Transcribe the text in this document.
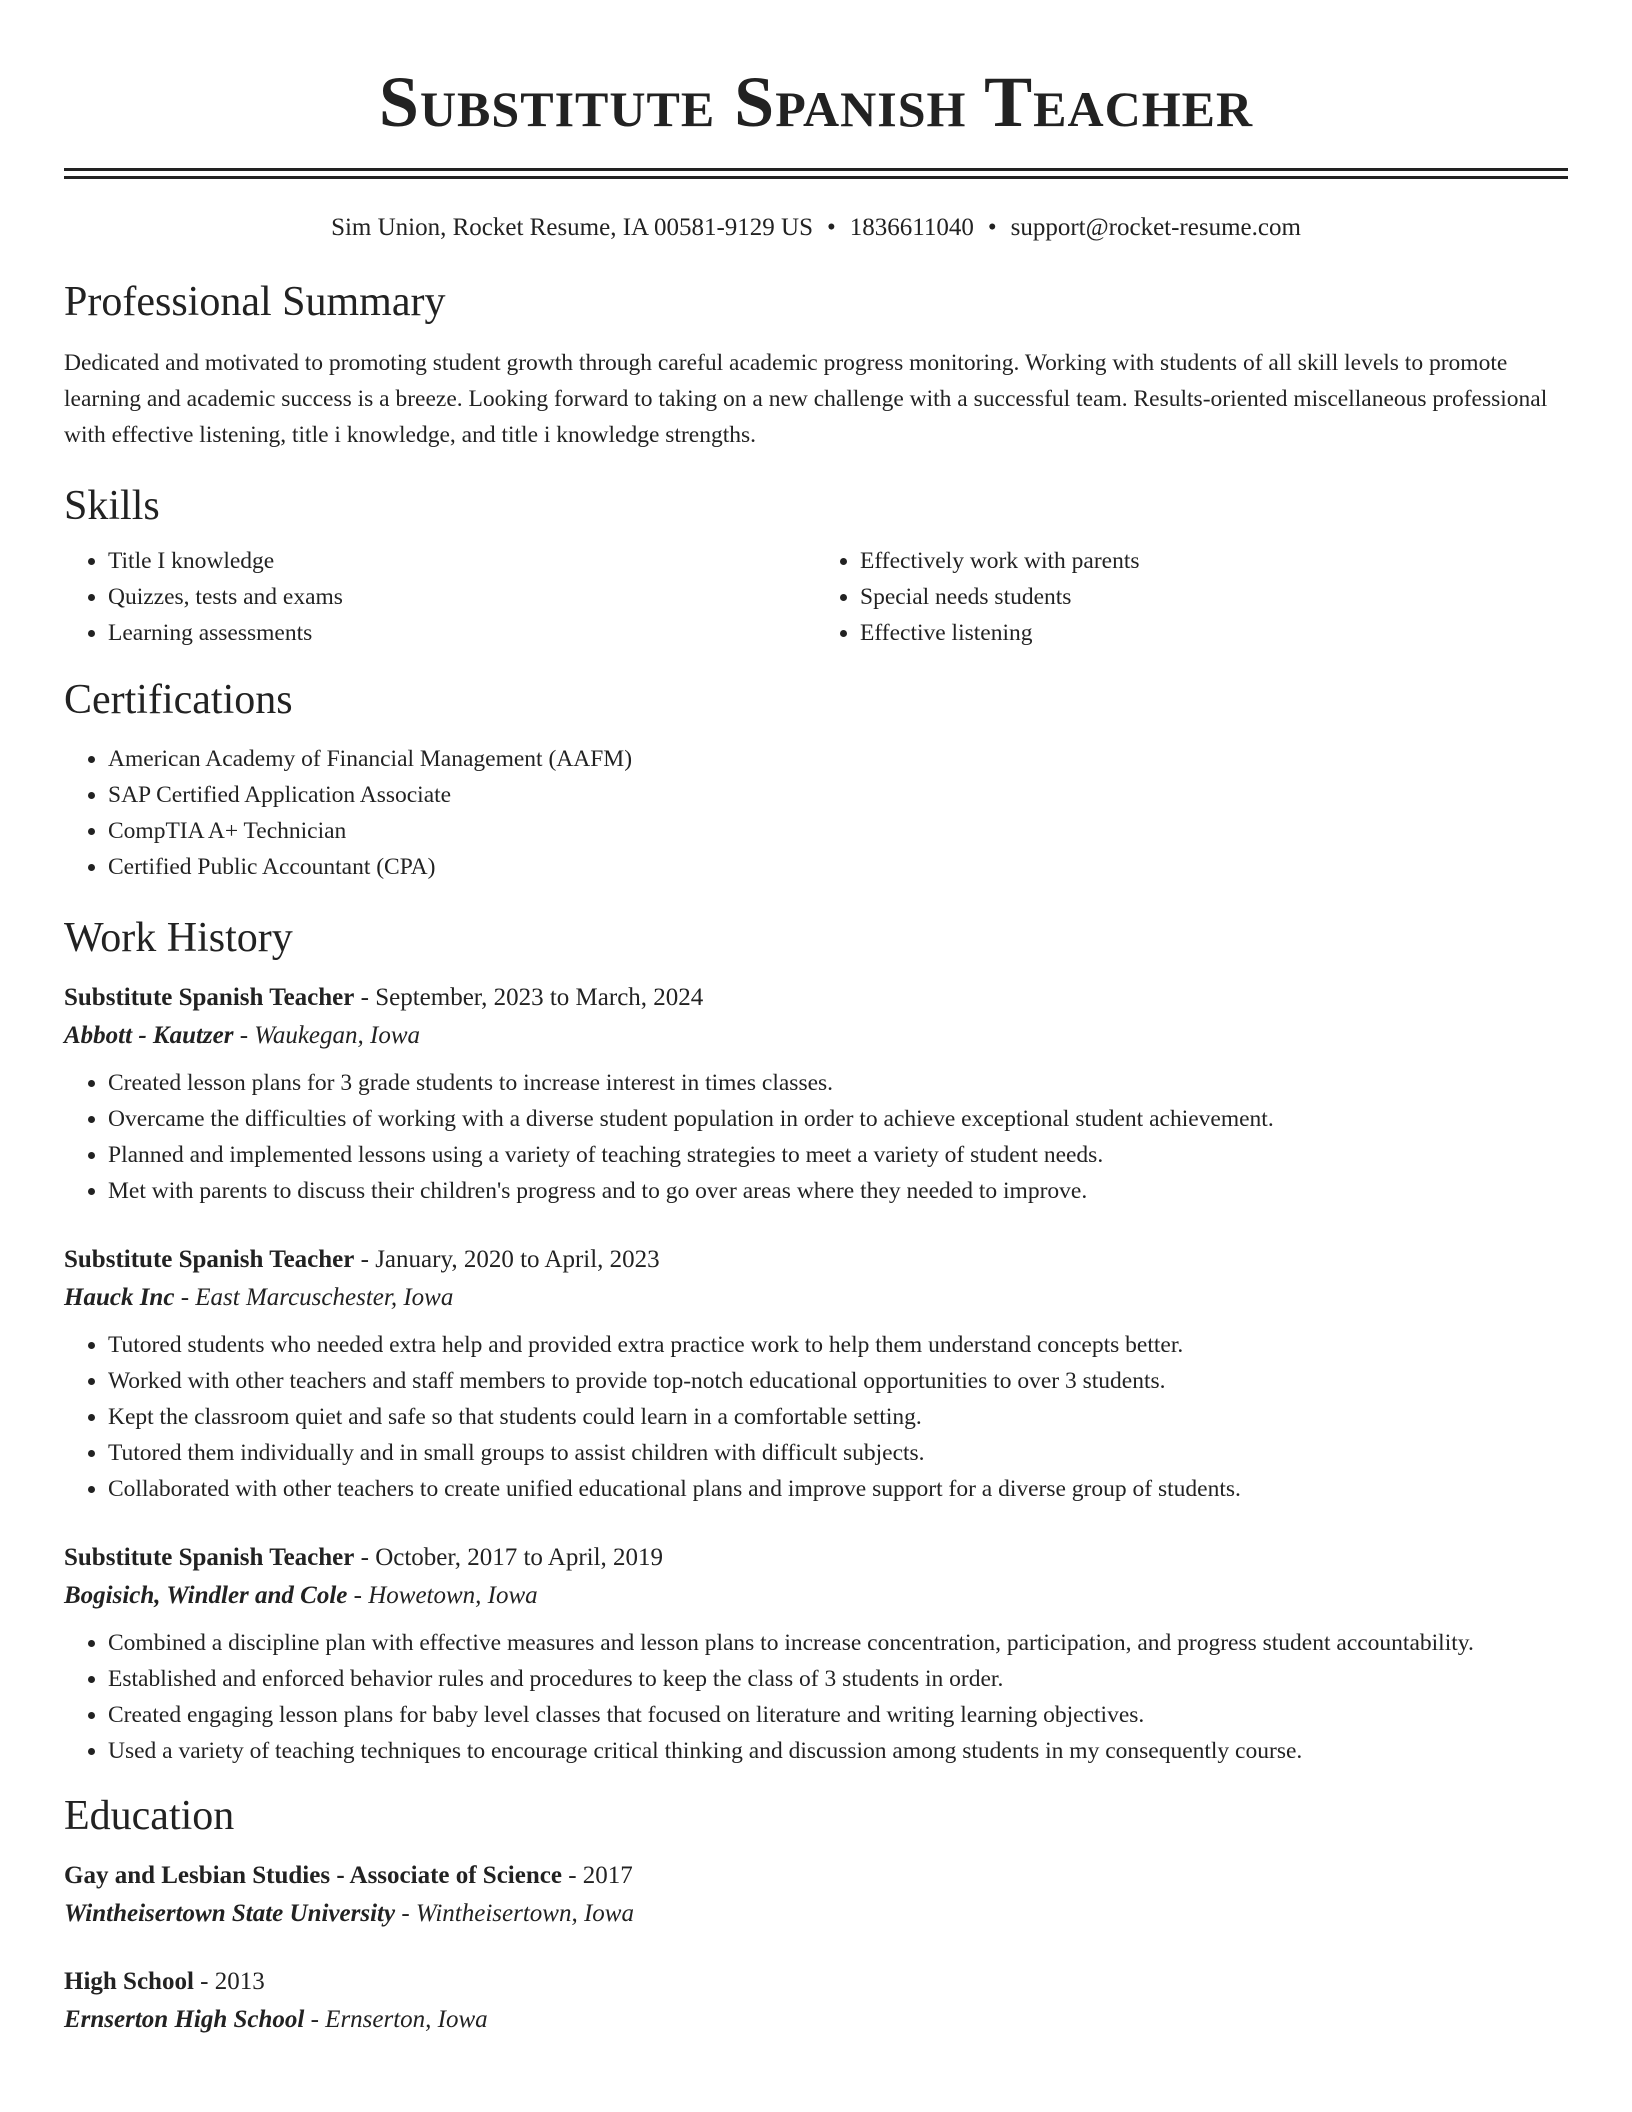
Substitute Spanish Teacher
Sim Union, Rocket Resume, IA 00581-9129 US • 1836611040 • support@rocket-resume.com
Professional Summary

Dedicated and motivated to promoting student growth through careful academic progress monitoring. Working with students of all skill levels to promote learning and academic success is a breeze. Looking forward to taking on a new challenge with a successful team. Results-oriented miscellaneous professional with effective listening, title i knowledge, and title i knowledge strengths.

Skills
• Title I knowledge
• Quizzes, tests and exams
• Learning assessments
• Effectively work with parents
• Special needs students
• Effective listening
Certifications
• American Academy of Financial Management (AAFM)
• SAP Certified Application Associate
• CompTIA A+ Technician
• Certified Public Accountant (CPA)
Work History
Substitute Spanish Teacher - September, 2023 to March, 2024
Abbott - Kautzer - Waukegan, Iowa
• Created lesson plans for 3 grade students to increase interest in times classes.
• Overcame the difficulties of working with a diverse student population in order to achieve exceptional student achievement.
• Planned and implemented lessons using a variety of teaching strategies to meet a variety of student needs.
• Met with parents to discuss their children's progress and to go over areas where they needed to improve.
Substitute Spanish Teacher - January, 2020 to April, 2023
Hauck Inc - East Marcuschester, Iowa
• Tutored students who needed extra help and provided extra practice work to help them understand concepts better.
• Worked with other teachers and staff members to provide top-notch educational opportunities to over 3 students.
• Kept the classroom quiet and safe so that students could learn in a comfortable setting.
• Tutored them individually and in small groups to assist children with difficult subjects.
• Collaborated with other teachers to create unified educational plans and improve support for a diverse group of students.
Substitute Spanish Teacher - October, 2017 to April, 2019
Bogisich, Windler and Cole - Howetown, Iowa
• Combined a discipline plan with effective measures and lesson plans to increase concentration, participation, and progress student accountability.
• Established and enforced behavior rules and procedures to keep the class of 3 students in order.
• Created engaging lesson plans for baby level classes that focused on literature and writing learning objectives.
• Used a variety of teaching techniques to encourage critical thinking and discussion among students in my consequently course.
Education
Gay and Lesbian Studies - Associate of Science - 2017
Wintheisertown State University - Wintheisertown, Iowa
High School - 2013
Ernserton High School - Ernserton, Iowa
